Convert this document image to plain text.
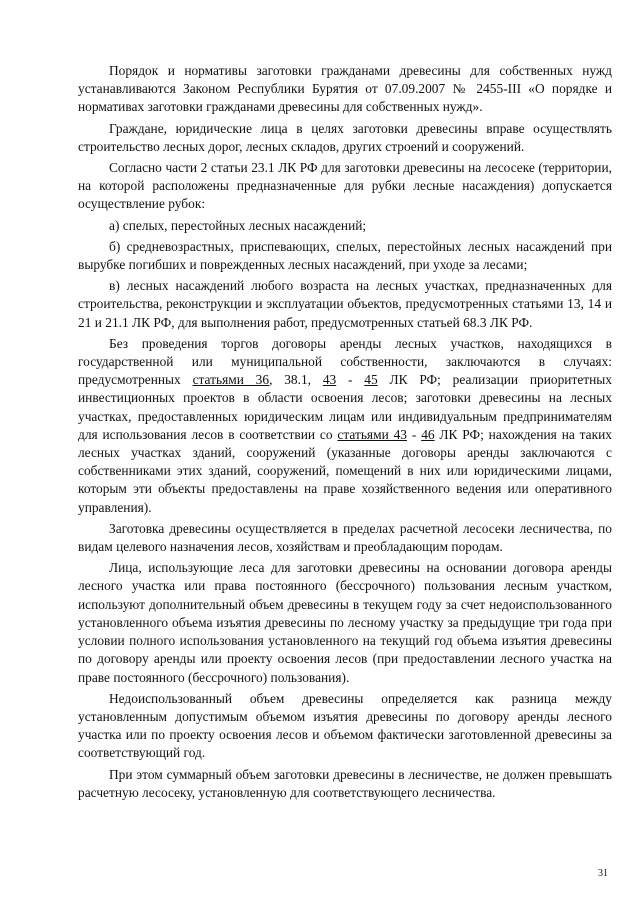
Порядок и нормативы заготовки гражданами древесины для собственных нужд устанавливаются Законом Республики Бурятия от 07.09.2007 № 2455-III «О порядке и нормативах заготовки гражданами древесины для собственных нужд».

Граждане, юридические лица в целях заготовки древесины вправе осуществлять строительство лесных дорог, лесных складов, других строений и сооружений.

Согласно части 2 статьи 23.1 ЛК РФ для заготовки древесины на лесосеке (территории, на которой расположены предназначенные для рубки лесные насаждения) допускается осуществление рубок:

а) спелых, перестойных лесных насаждений;

б) средневозрастных, приспевающих, спелых, перестойных лесных насаждений при вырубке погибших и поврежденных лесных насаждений, при уходе за лесами;

в) лесных насаждений любого возраста на лесных участках, предназначенных для строительства, реконструкции и эксплуатации объектов, предусмотренных статьями 13, 14 и 21 и 21.1 ЛК РФ, для выполнения работ, предусмотренных статьей 68.3 ЛК РФ.

Без проведения торгов договоры аренды лесных участков, находящихся в государственной или муниципальной собственности, заключаются в случаях: предусмотренных статьями 36, 38.1, 43 - 45 ЛК РФ; реализации приоритетных инвестиционных проектов в области освоения лесов; заготовки древесины на лесных участках, предоставленных юридическим лицам или индивидуальным предпринимателям для использования лесов в соответствии со статьями 43 - 46 ЛК РФ; нахождения на таких лесных участках зданий, сооружений (указанные договоры аренды заключаются с собственниками этих зданий, сооружений, помещений в них или юридическими лицами, которым эти объекты предоставлены на праве хозяйственного ведения или оперативного управления).

Заготовка древесины осуществляется в пределах расчетной лесосеки лесничества, по видам целевого назначения лесов, хозяйствам и преобладающим породам.

Лица, использующие леса для заготовки древесины на основании договора аренды лесного участка или права постоянного (бессрочного) пользования лесным участком, используют дополнительный объем древесины в текущем году за счет недоиспользованного установленного объема изъятия древесины по лесному участку за предыдущие три года при условии полного использования установленного на текущий год объема изъятия древесины по договору аренды или проекту освоения лесов (при предоставлении лесного участка на праве постоянного (бессрочного) пользования).

Недоиспользованный объем древесины определяется как разница между установленным допустимым объемом изъятия древесины по договору аренды лесного участка или по проекту освоения лесов и объемом фактически заготовленной древесины за соответствующий год.

При этом суммарный объем заготовки древесины в лесничестве, не должен превышать расчетную лесосеку, установленную для соответствующего лесничества.

31
